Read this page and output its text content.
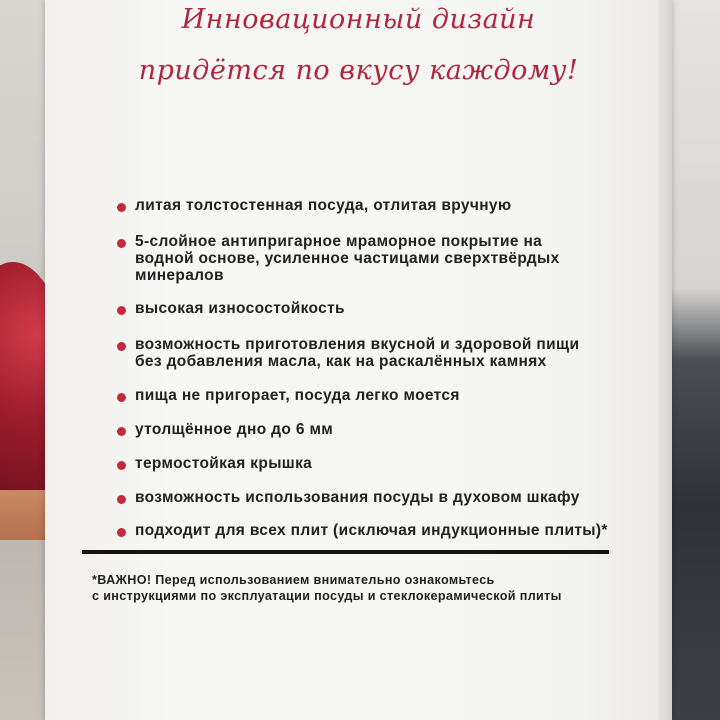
Инновационный дизайн
придётся по вкусу каждому!
литая толстостенная посуда, отлитая вручную
5-слойное антипригарное мраморное покрытие на
водной основе, усиленное частицами сверхтвёрдых
минералов
высокая износостойкость
возможность приготовления вкусной и здоровой пищи
без добавления масла, как на раскалённых камнях
пища не пригорает, посуда легко моется
утолщённое дно до 6 мм
термостойкая крышка
возможность использования посуды в духовом шкафу
подходит для всех плит (исключая индукционные плиты)*
*ВАЖНО! Перед использованием внимательно ознакомьтесь
с инструкциями по эксплуатации посуды и стеклокерамической плиты
